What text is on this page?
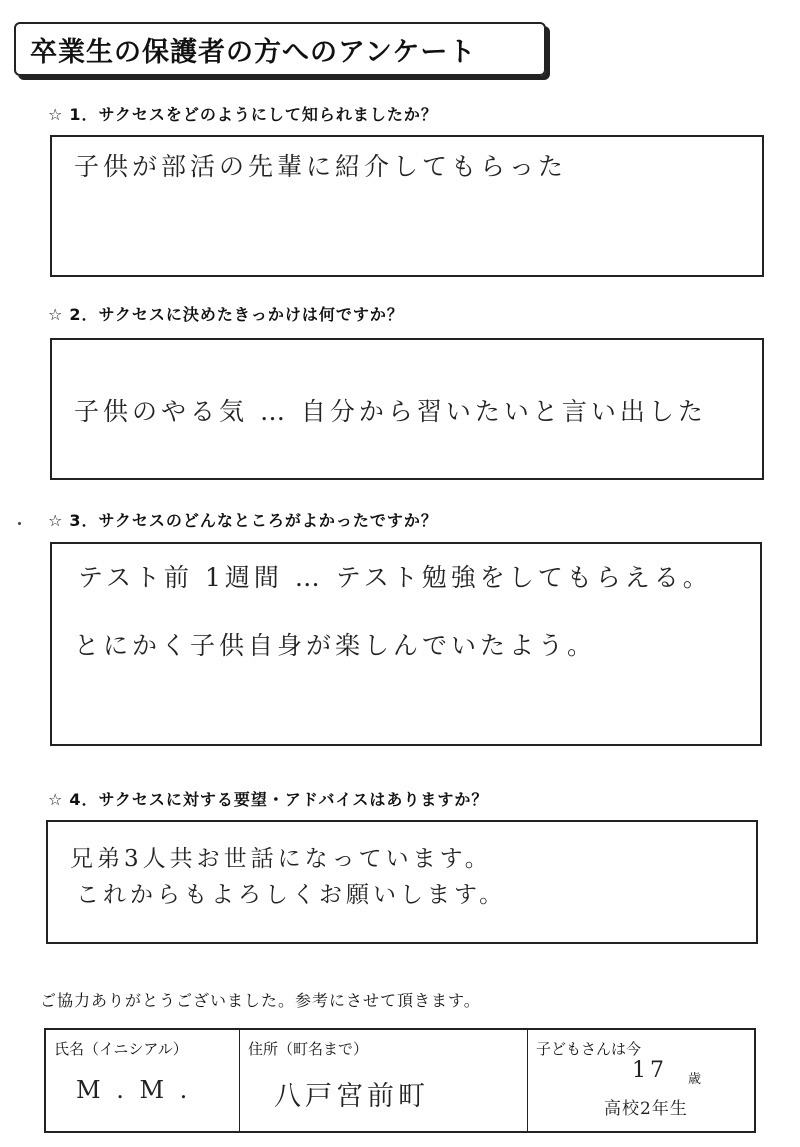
卒業生の保護者の方へのアンケート
☆ 1．サクセスをどのようにして知られましたか？
子供が部活の先輩に紹介してもらった
☆ 2．サクセスに決めたきっかけは何ですか？
子供のやる気 … 自分から習いたいと言い出した
☆ 3．サクセスのどんなところがよかったですか？
テスト前 1週間 … テスト勉強をしてもらえる。
とにかく子供自身が楽しんでいたよう。
☆ 4．サクセスに対する要望・アドバイスはありますか？
兄弟3人共お世話になっています。
これからもよろしくお願いします。
ご協力ありがとうございました。参考にさせて頂きます。
氏名（イニシアル）
M . M .
住所（町名まで）
八戸宮前町
子どもさんは今
17 歳
高校2年生
